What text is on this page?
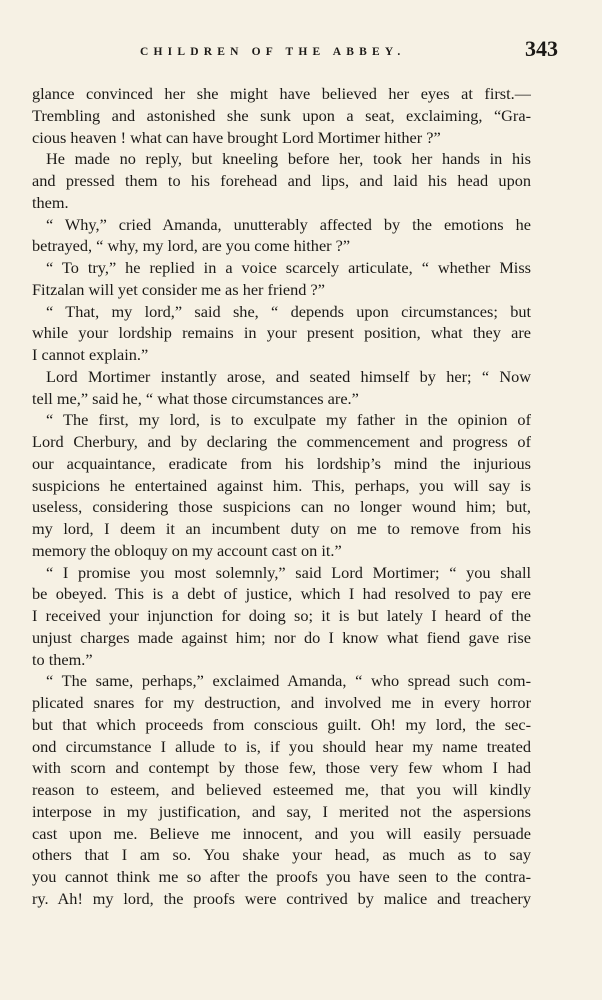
CHILDREN OF THE ABBEY.	343
glance convinced her she might have believed her eyes at first.—
Trembling and astonished she sunk upon a seat, exclaiming, “Gra-
cious heaven ! what can have brought Lord Mortimer hither ?”
He made no reply, but kneeling before her, took her hands in his
and pressed them to his forehead and lips, and laid his head upon
them.
“ Why,” cried Amanda, unutterably affected by the emotions he
betrayed, “ why, my lord, are you come hither ?”
“ To try,” he replied in a voice scarcely articulate, “ whether Miss
Fitzalan will yet consider me as her friend ?”
“ That, my lord,” said she, “ depends upon circumstances; but
while your lordship remains in your present position, what they are
I cannot explain.”
Lord Mortimer instantly arose, and seated himself by her; “ Now
tell me,” said he, “ what those circumstances are.”
“ The first, my lord, is to exculpate my father in the opinion of
Lord Cherbury, and by declaring the commencement and progress of
our acquaintance, eradicate from his lordship’s mind the injurious
suspicions he entertained against him. This, perhaps, you will say is
useless, considering those suspicions can no longer wound him; but,
my lord, I deem it an incumbent duty on me to remove from his
memory the obloquy on my account cast on it.”
“ I promise you most solemnly,” said Lord Mortimer; “ you shall
be obeyed. This is a debt of justice, which I had resolved to pay ere
I received your injunction for doing so; it is but lately I heard of the
unjust charges made against him; nor do I know what fiend gave rise
to them.”
“ The same, perhaps,” exclaimed Amanda, “ who spread such com-
plicated snares for my destruction, and involved me in every horror
but that which proceeds from conscious guilt. Oh! my lord, the sec-
ond circumstance I allude to is, if you should hear my name treated
with scorn and contempt by those few, those very few whom I had
reason to esteem, and believed esteemed me, that you will kindly
interpose in my justification, and say, I merited not the aspersions
cast upon me. Believe me innocent, and you will easily persuade
others that I am so. You shake your head, as much as to say
you cannot think me so after the proofs you have seen to the contra-
ry. Ah! my lord, the proofs were contrived by malice and treachery
